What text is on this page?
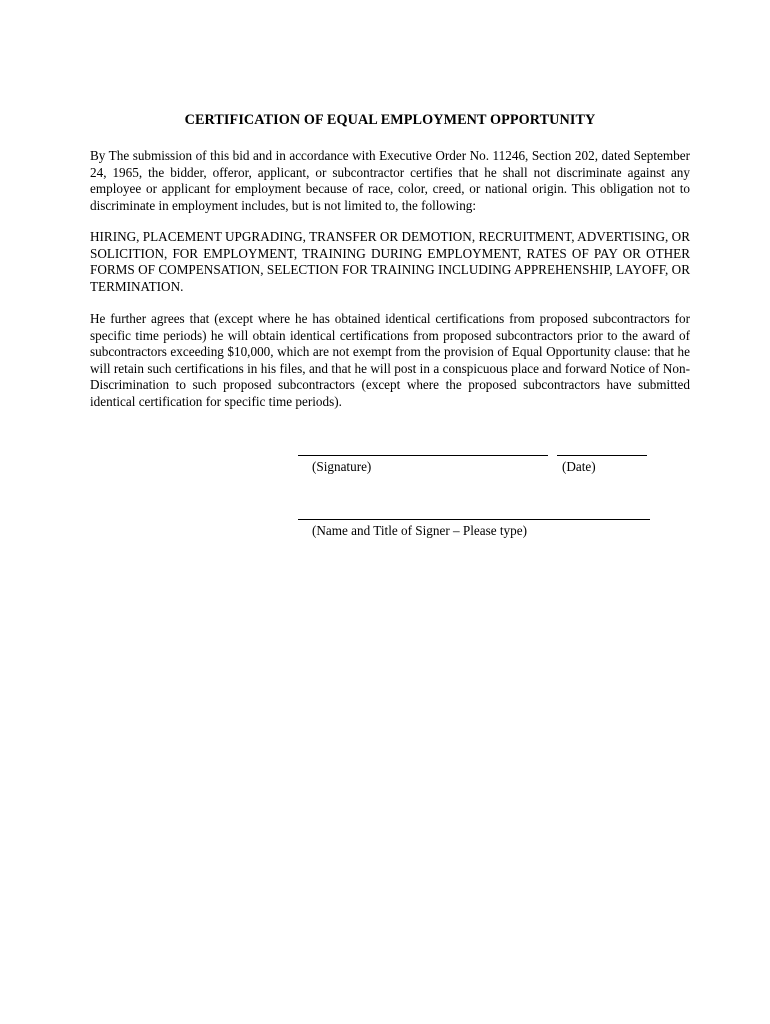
CERTIFICATION OF EQUAL EMPLOYMENT OPPORTUNITY

By The submission of this bid and in accordance with Executive Order No. 11246, Section 202, dated September 24, 1965, the bidder, offeror, applicant, or subcontractor certifies that he shall not discriminate against any employee or applicant for employment because of race, color, creed, or national origin. This obligation not to discriminate in employment includes, but is not limited to, the following:

HIRING, PLACEMENT UPGRADING, TRANSFER OR DEMOTION, RECRUITMENT, ADVERTISING, OR SOLICITION, FOR EMPLOYMENT, TRAINING DURING EMPLOYMENT, RATES OF PAY OR OTHER FORMS OF COMPENSATION, SELECTION FOR TRAINING INCLUDING APPREHENSHIP, LAYOFF, OR TERMINATION.

He further agrees that (except where he has obtained identical certifications from proposed subcontractors for specific time periods) he will obtain identical certifications from proposed subcontractors prior to the award of subcontractors exceeding $10,000, which are not exempt from the provision of Equal Opportunity clause: that he will retain such certifications in his files, and that he will post in a conspicuous place and forward Notice of Non-Discrimination to such proposed subcontractors (except where the proposed subcontractors have submitted identical certification for specific time periods).

(Signature)	(Date)
(Name and Title of Signer – Please type)
